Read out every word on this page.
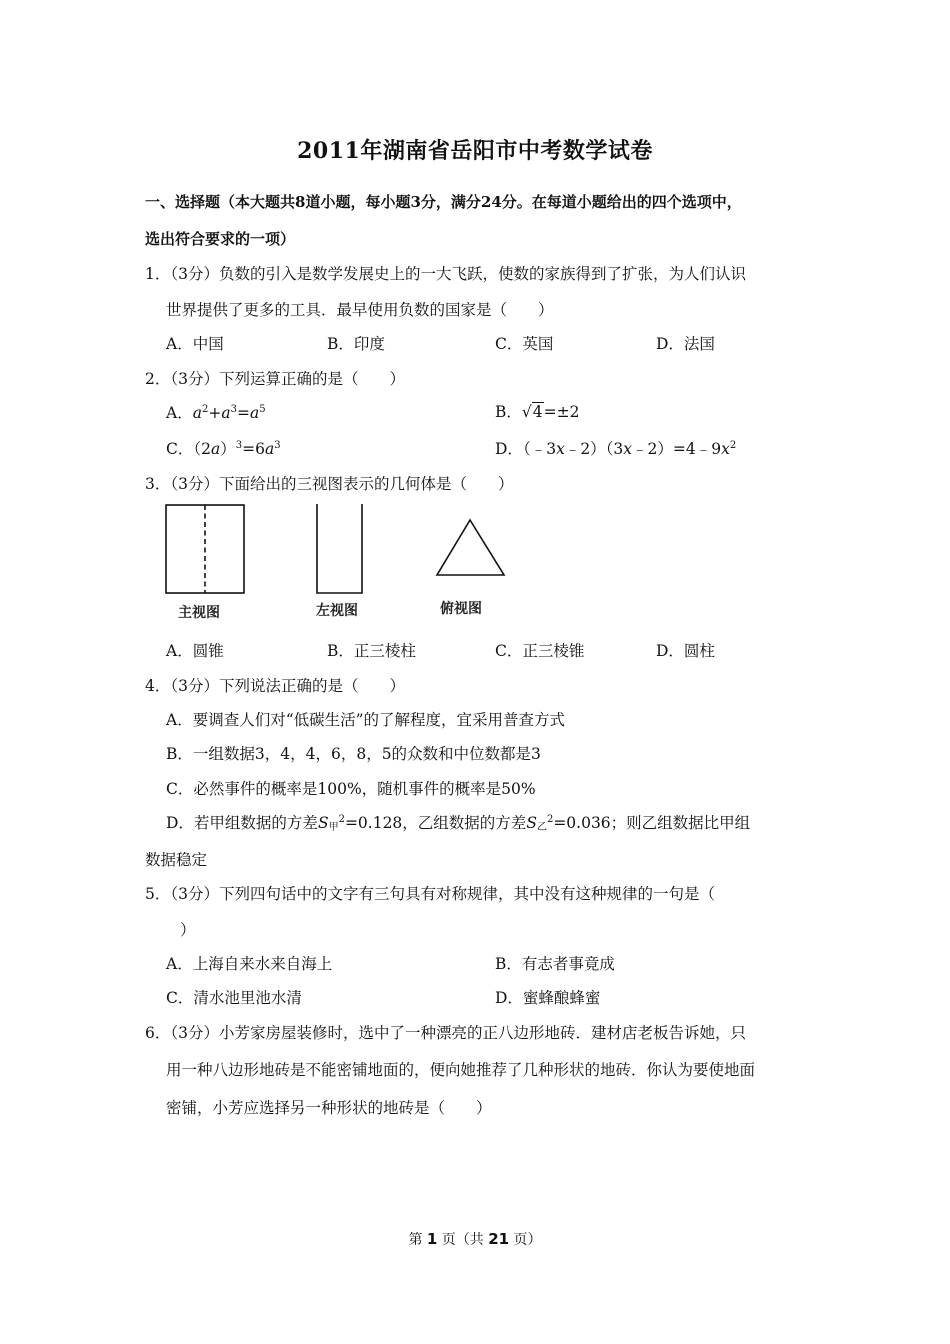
2011年湖南省岳阳市中考数学试卷
一、选择题（本大题共8道小题，每小题3分，满分24分。在每道小题给出的四个选项中，
选出符合要求的一项）
1．（3分）负数的引入是数学发展史上的一大飞跃，使数的家族得到了扩张，为人们认识
世界提供了更多的工具．最早使用负数的国家是（　　）
A．中国	B．印度	C．英国	D．法国
2．（3分）下列运算正确的是（　　）
A．$a^2+a^3=a^5$	B．√4=±2
C．$(2a)^3=6a^3$	D．$(﹣3x﹣2)(3x﹣2)=4﹣9x^2$
3．（3分）下面给出的三视图表示的几何体是（　　）
主视图	左视图	俯视图
A．圆锥	B．正三棱柱	C．正三棱锥	D．圆柱
4．（3分）下列说法正确的是（　　）
A．要调查人们对“低碳生活”的了解程度，宜采用普查方式
B．一组数据3，4，4，6，8，5的众数和中位数都是3
C．必然事件的概率是100%，随机事件的概率是50%
D．若甲组数据的方差$S_甲^2=0.128$，乙组数据的方差$S_乙^2=0.036$；则乙组数据比甲组
数据稳定
5．（3分）下列四句话中的文字有三句具有对称规律，其中没有这种规律的一句是（
）
A．上海自来水来自海上	B．有志者事竟成
C．清水池里池水清	D．蜜蜂酿蜂蜜
6．（3分）小芳家房屋装修时，选中了一种漂亮的正八边形地砖．建材店老板告诉她，只
用一种八边形地砖是不能密铺地面的，便向她推荐了几种形状的地砖．你认为要使地面
密铺，小芳应选择另一种形状的地砖是（　　）
第 1 页（共 21 页）
